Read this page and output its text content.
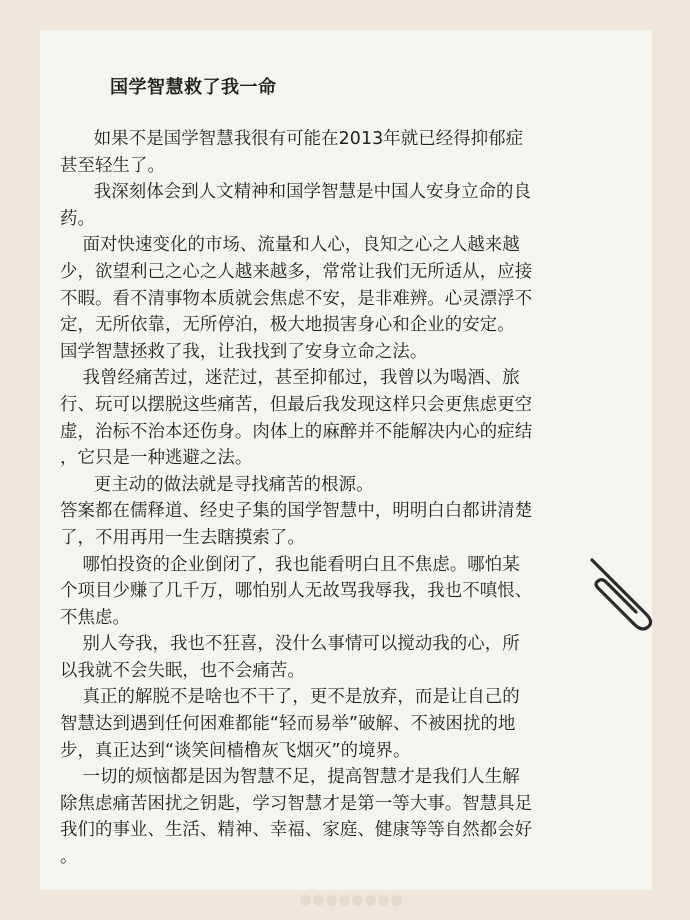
国学智慧救了我一命
如果不是国学智慧我很有可能在2013年就已经得抑郁症
甚至轻生了。
我深刻体会到人文精神和国学智慧是中国人安身立命的良
药。
面对快速变化的市场、流量和人心，良知之心之人越来越
少，欲望利己之心之人越来越多，常常让我们无所适从，应接
不暇。看不清事物本质就会焦虑不安，是非难辨。心灵漂浮不
定，无所依靠，无所停泊，极大地损害身心和企业的安定。
国学智慧拯救了我，让我找到了安身立命之法。
我曾经痛苦过，迷茫过，甚至抑郁过，我曾以为喝酒、旅
行、玩可以摆脱这些痛苦，但最后我发现这样只会更焦虑更空
虚，治标不治本还伤身。肉体上的麻醉并不能解决内心的症结
，它只是一种逃避之法。
更主动的做法就是寻找痛苦的根源。
答案都在儒释道、经史子集的国学智慧中，明明白白都讲清楚
了，不用再用一生去瞎摸索了。
哪怕投资的企业倒闭了，我也能看明白且不焦虑。哪怕某
个项目少赚了几千万，哪怕别人无故骂我辱我，我也不嗔恨、
不焦虑。
别人夸我，我也不狂喜，没什么事情可以搅动我的心，所
以我就不会失眠，也不会痛苦。
真正的解脱不是啥也不干了，更不是放弃，而是让自己的
智慧达到遇到任何困难都能“轻而易举”破解、不被困扰的地
步，真正达到“谈笑间樯橹灰飞烟灭”的境界。
一切的烦恼都是因为智慧不足，提高智慧才是我们人生解
除焦虑痛苦困扰之钥匙，学习智慧才是第一等大事。智慧具足
我们的事业、生活、精神、幸福、家庭、健康等等自然都会好
。
